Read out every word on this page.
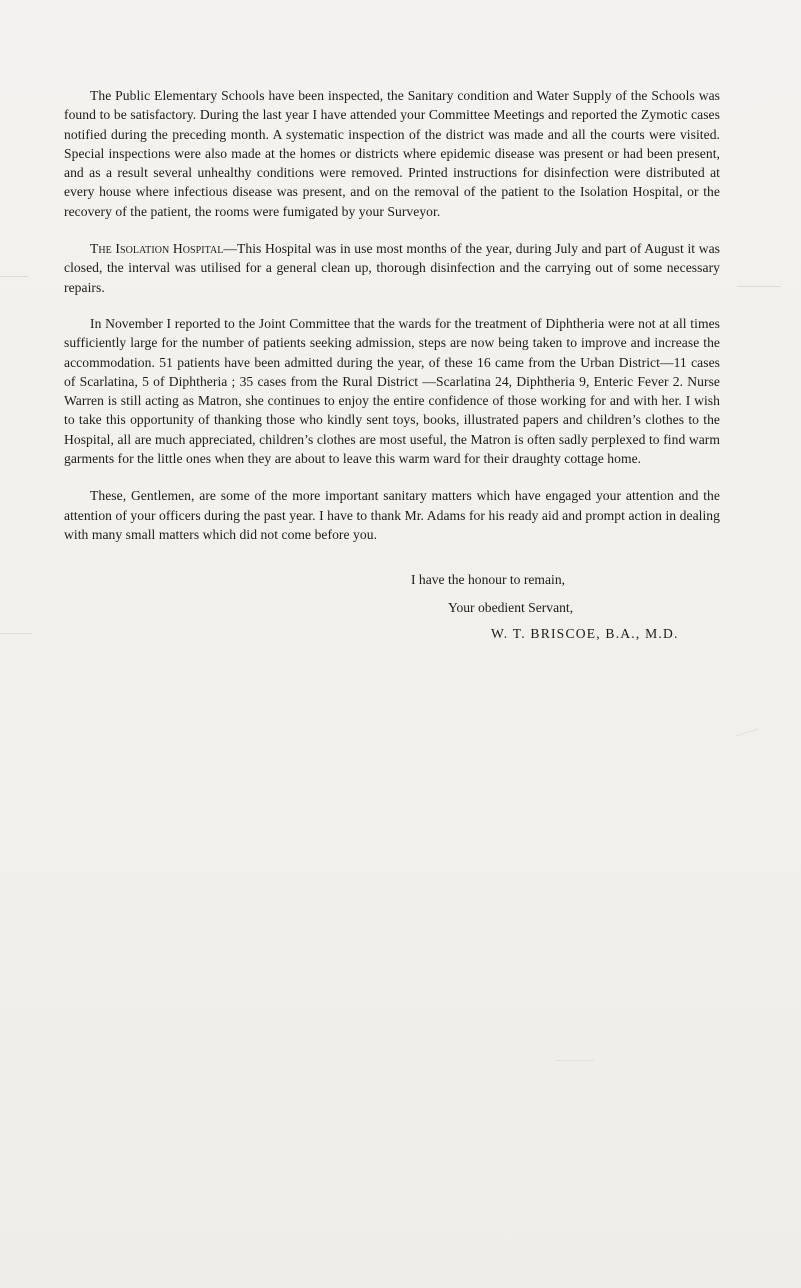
The Public Elementary Schools have been inspected, the Sanitary condition and Water Supply of the Schools was found to be satisfactory. During the last year I have attended your Committee Meetings and reported the Zymotic cases notified during the preceding month. A systematic inspection of the district was made and all the courts were visited. Special inspections were also made at the homes or districts where epidemic disease was present or had been present, and as a result several unhealthy conditions were removed. Printed instructions for disinfection were distributed at every house where infectious disease was present, and on the removal of the patient to the Isolation Hospital, or the recovery of the patient, the rooms were fumigated by your Surveyor.

The Isolation Hospital—This Hospital was in use most months of the year, during July and part of August it was closed, the interval was utilised for a general clean up, thorough disinfection and the carrying out of some necessary repairs.

In November I reported to the Joint Committee that the wards for the treatment of Diphtheria were not at all times sufficiently large for the number of patients seeking admission, steps are now being taken to improve and increase the accommodation. 51 patients have been admitted during the year, of these 16 came from the Urban District—11 cases of Scarlatina, 5 of Diphtheria ; 35 cases from the Rural District —Scarlatina 24, Diphtheria 9, Enteric Fever 2. Nurse Warren is still acting as Matron, she continues to enjoy the entire confidence of those working for and with her. I wish to take this opportunity of thanking those who kindly sent toys, books, illustrated papers and children’s clothes to the Hospital, all are much appreciated, children’s clothes are most useful, the Matron is often sadly perplexed to find warm garments for the little ones when they are about to leave this warm ward for their draughty cottage home.

These, Gentlemen, are some of the more important sanitary matters which have engaged your attention and the attention of your officers during the past year. I have to thank Mr. Adams for his ready aid and prompt action in dealing with many small matters which did not come before you.

I have the honour to remain,
Your obedient Servant,
W. T. BRISCOE, B.A., M.D.
